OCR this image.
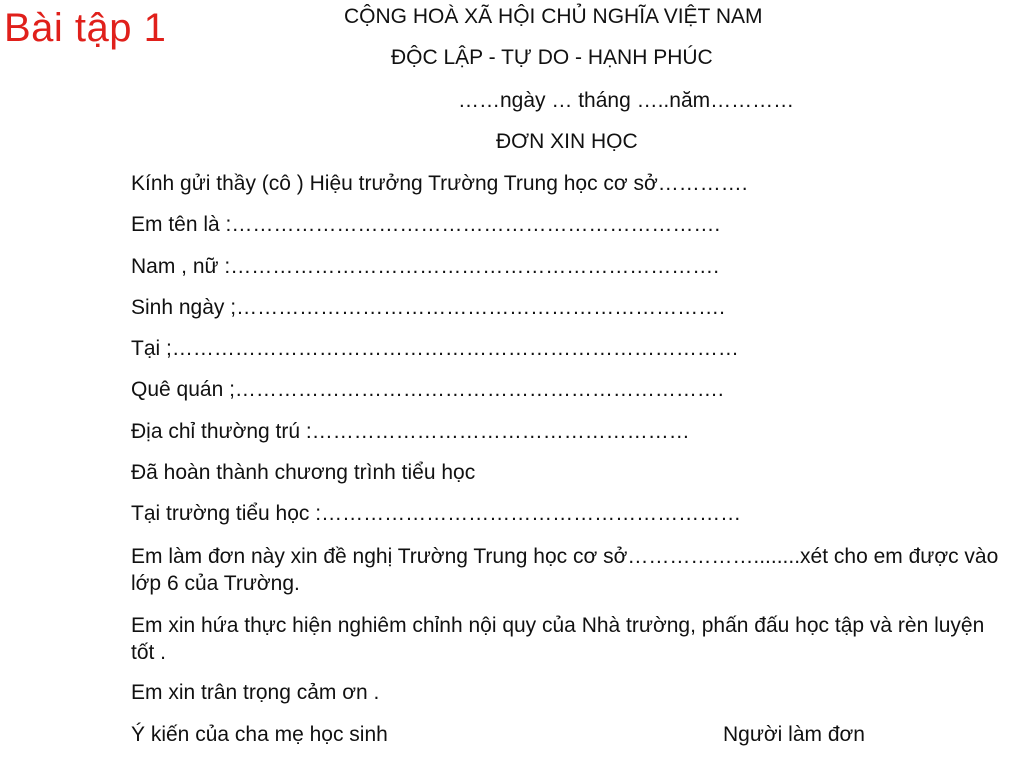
Bài tập 1	CỘNG HOÀ XÃ HỘI CHỦ NGHĨA VIỆT NAM
ĐỘC LẬP - TỰ DO - HẠNH PHÚC
……ngày … tháng …..năm…………
ĐƠN XIN HỌC
Kính gửi thầy (cô ) Hiệu trưởng Trường Trung học cơ sở………….
Em tên là :…………………………………………………………….
Nam , nữ :…………………………………………………………….
Sinh ngày ;…………………………………………………………….
Tại ;………………………………………………………………………
Quê quán ;…………………………………………………………….
Địa chỉ thường trú :………………………………………………
Đã hoàn thành chương trình tiểu học
Tại trường tiểu học :……………………………………………………
Em làm đơn này xin đề nghị Trường Trung học cơ sở………………........xét cho em được vào lớp 6 của Trường.
Em xin hứa thực hiện nghiêm chỉnh nội quy của Nhà trường, phấn đấu học tập và rèn luyện tốt .
Em xin trân trọng cảm ơn .
Ý kiến của cha mẹ học sinh	Người làm đơn
